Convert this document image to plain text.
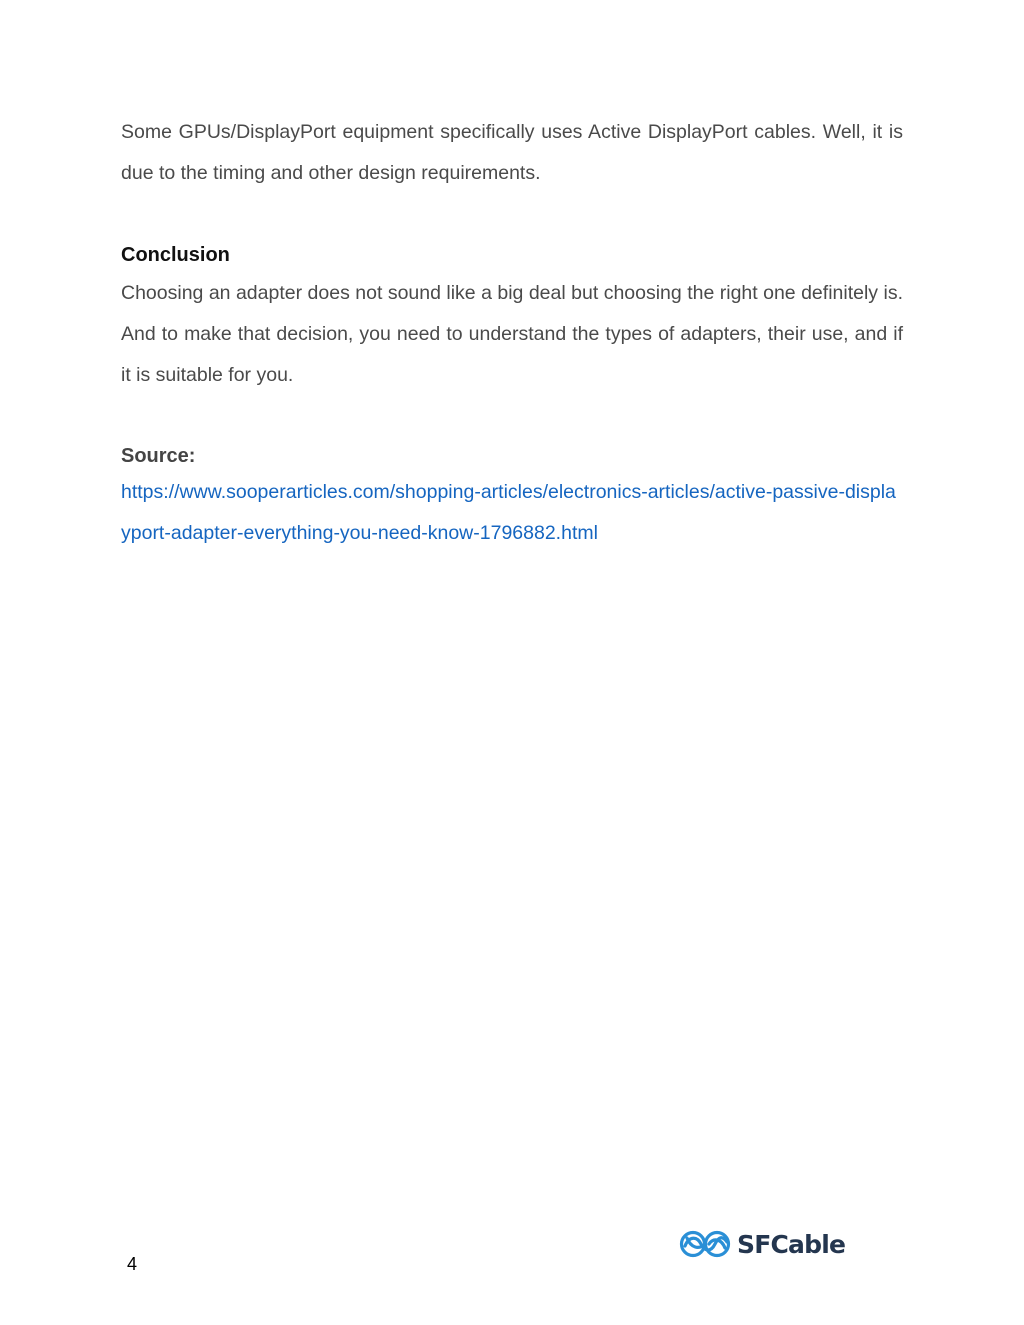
Some GPUs/DisplayPort equipment specifically uses Active DisplayPort cables. Well, it is due to the timing and other design requirements.

Conclusion

Choosing an adapter does not sound like a big deal but choosing the right one definitely is. And to make that decision, you need to understand the types of adapters, their use, and if it is suitable for you.

Source:
https://www.sooperarticles.com/shopping-articles/electronics-articles/active-passive-displayport-adapter-everything-you-need-know-1796882.html
4
SFCable
